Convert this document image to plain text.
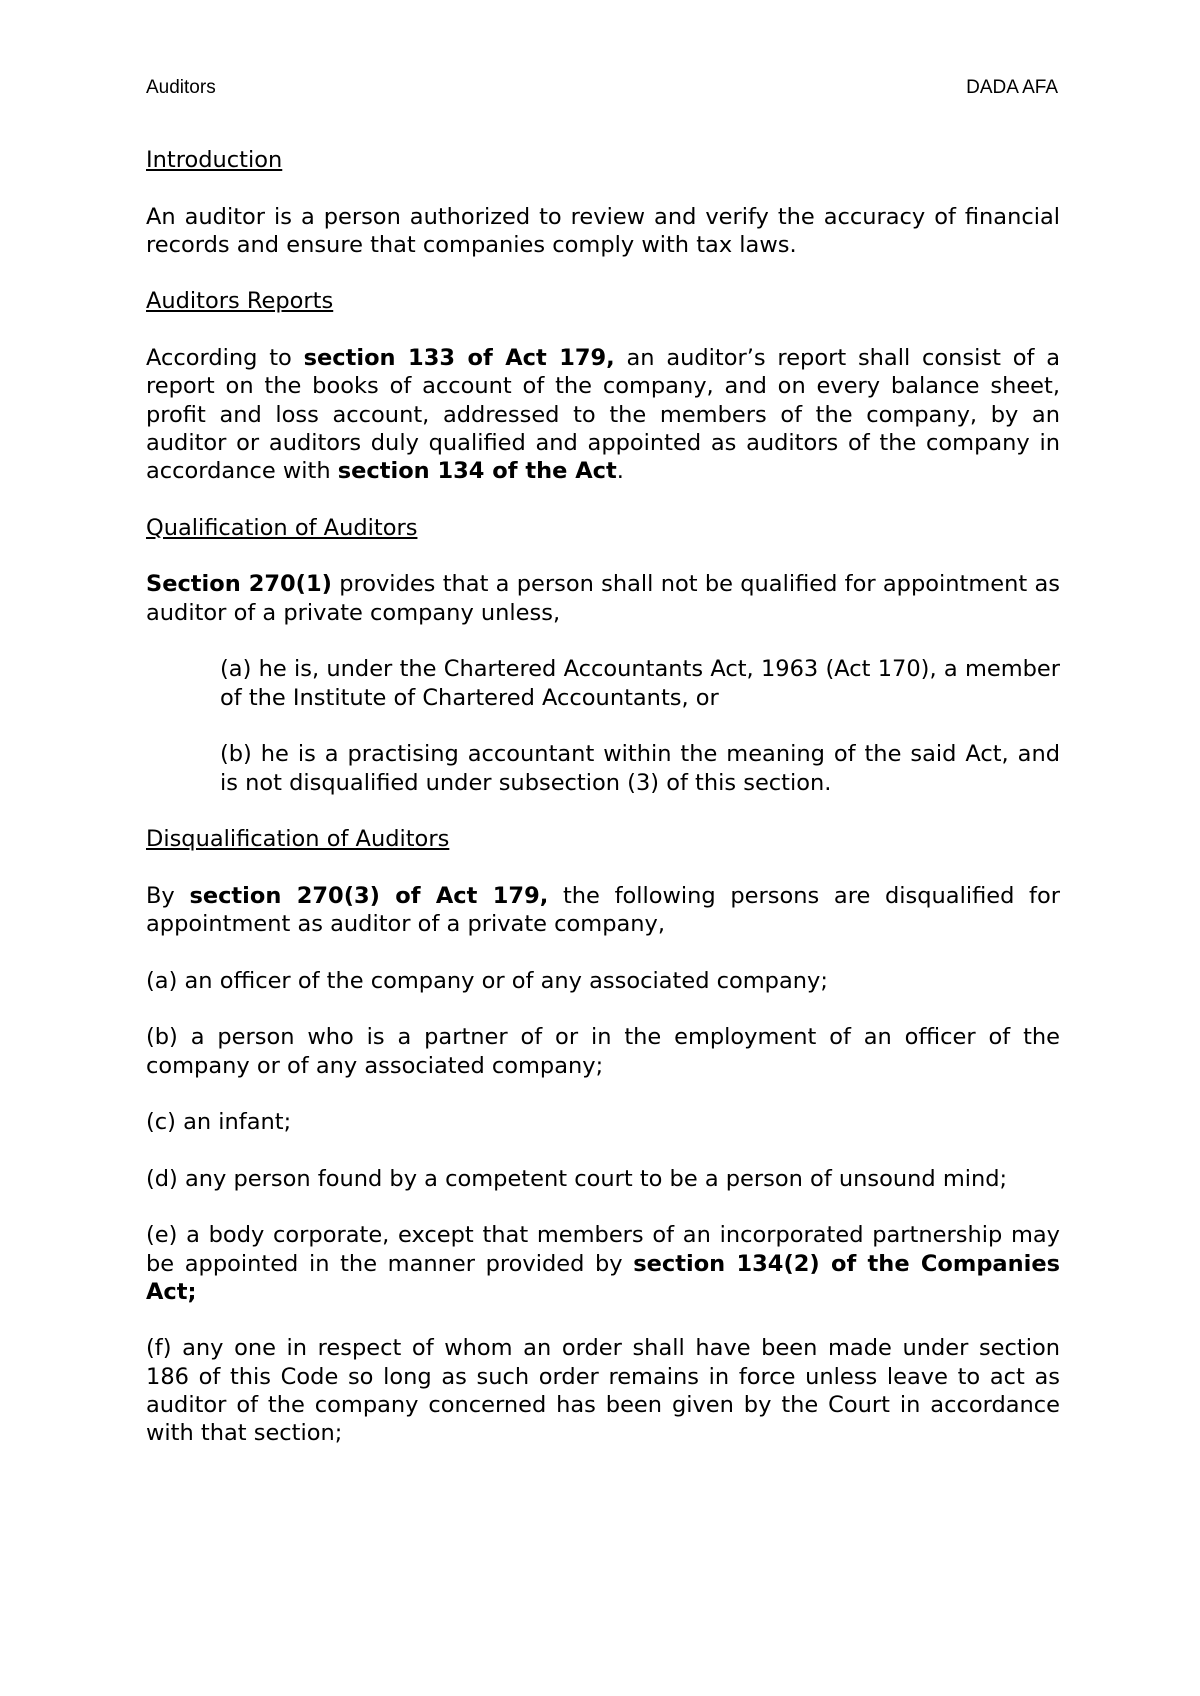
Auditors	DADA AFA
Introduction

An auditor is a person authorized to review and verify the accuracy of financial records and ensure that companies comply with tax laws.

Auditors Reports

According to section 133 of Act 179, an auditor’s report shall consist of a report on the books of account of the company, and on every balance sheet, profit and loss account, addressed to the members of the company, by an auditor or auditors duly qualified and appointed as auditors of the company in accordance with section 134 of the Act.

Qualification of Auditors

Section 270(1) provides that a person shall not be qualified for appointment as auditor of a private company unless,

(a) he is, under the Chartered Accountants Act, 1963 (Act 170), a member of the Institute of Chartered Accountants, or

(b) he is a practising accountant within the meaning of the said Act, and is not disqualified under subsection (3) of this section.

Disqualification of Auditors

By section 270(3) of Act 179, the following persons are disqualified for appointment as auditor of a private company,

(a) an officer of the company or of any associated company;

(b) a person who is a partner of or in the employment of an officer of the company or of any associated company;

(c) an infant;

(d) any person found by a competent court to be a person of unsound mind;

(e) a body corporate, except that members of an incorporated partnership may be appointed in the manner provided by section 134(2) of the Companies Act;

(f) any one in respect of whom an order shall have been made under section 186 of this Code so long as such order remains in force unless leave to act as auditor of the company concerned has been given by the Court in accordance with that section;
